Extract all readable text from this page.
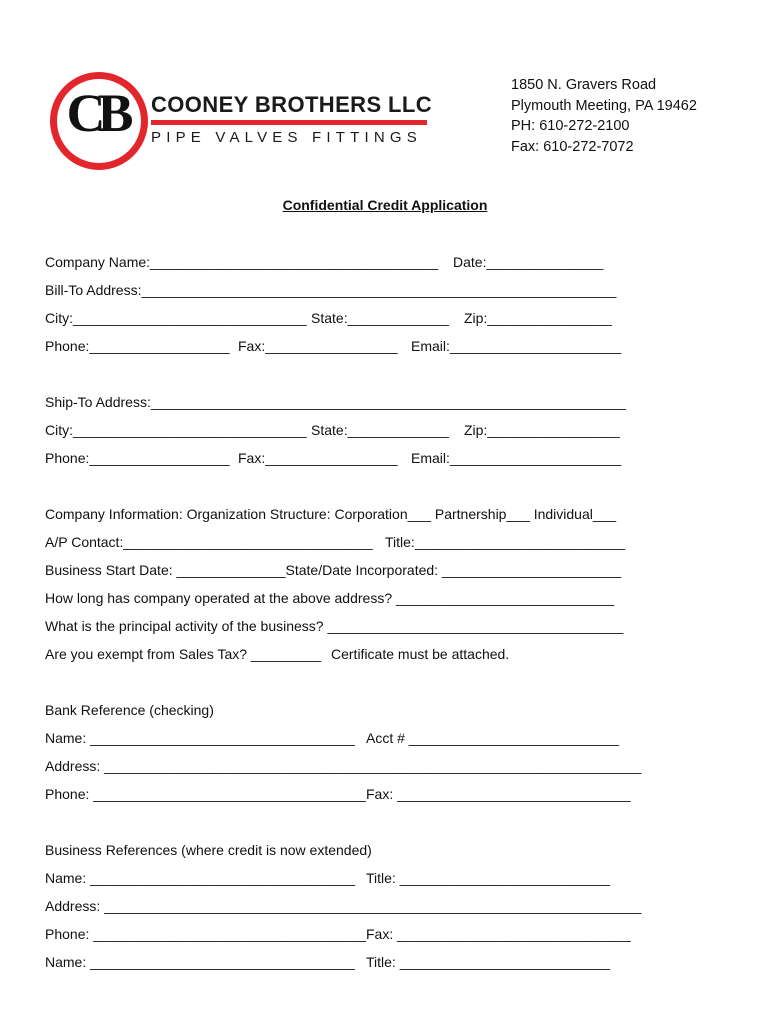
CB	COONEY BROTHERS LLC
PIPE VALVES FITTINGS
1850 N. Gravers Road
Plymouth Meeting, PA 19462
PH: 610-272-2100
Fax: 610-272-7072
Confidential Credit Application
Company Name:_____________________________________ Date:_______________
Bill-To Address:_____________________________________________________________
City:______________________________ State:_____________ Zip:________________
Phone:__________________ Fax:_________________ Email:______________________
Ship-To Address:_____________________________________________________________
City:______________________________ State:_____________ Zip:_________________
Phone:__________________ Fax:_________________ Email:______________________
Company Information: Organization Structure: Corporation___ Partnership___ Individual___
A/P Contact:________________________________ Title:___________________________
Business Start Date: ______________State/Date Incorporated: _______________________
How long has company operated at the above address? ____________________________
What is the principal activity of the business? ______________________________________
Are you exempt from Sales Tax? _________ Certificate must be attached.
Bank Reference (checking)
Name: __________________________________ Acct # ___________________________
Address: _____________________________________________________________________
Phone: ___________________________________ Fax: ______________________________
Business References (where credit is now extended)
Name: __________________________________ Title: ___________________________
Address: _____________________________________________________________________
Phone: ___________________________________ Fax: ______________________________
Name: __________________________________ Title: ___________________________
